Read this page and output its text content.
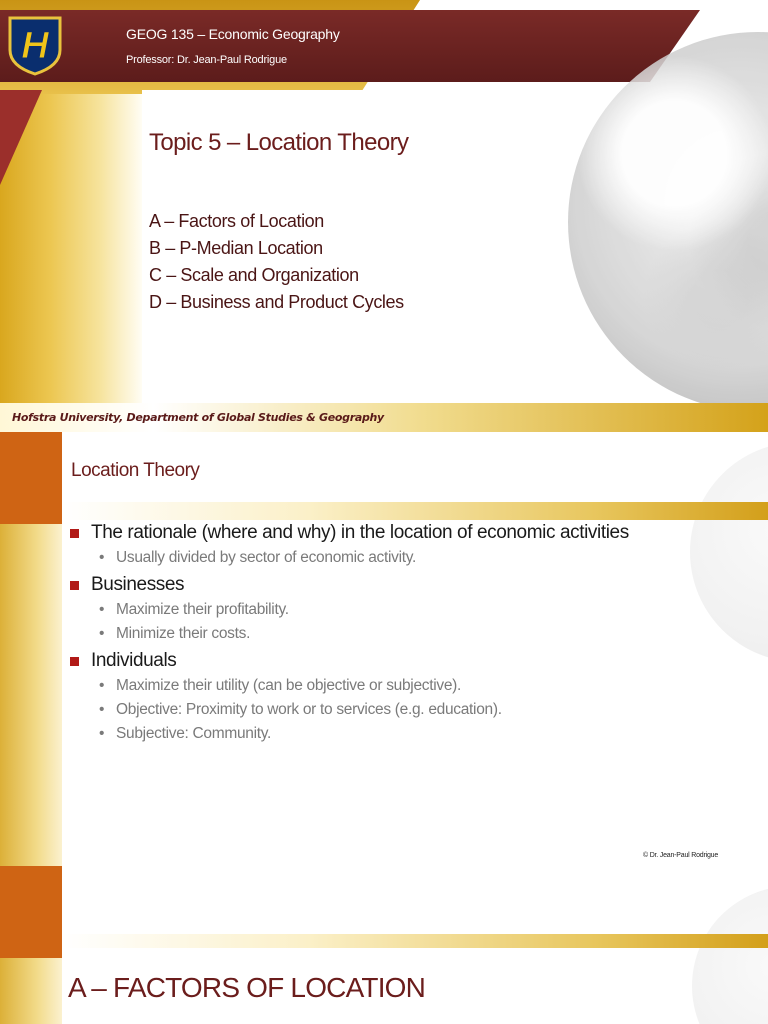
H	GEOG 135 – Economic Geography
Professor: Dr. Jean-Paul Rodrigue
Topic 5 – Location Theory
A – Factors of Location
B – P-Median Location
C – Scale and Organization
D – Business and Product Cycles
Hofstra University, Department of Global Studies & Geography
Location Theory
The rationale (where and why) in the location of economic activities
• Usually divided by sector of economic activity.
Businesses
• Maximize their profitability.
• Minimize their costs.
Individuals
• Maximize their utility (can be objective or subjective).
• Objective: Proximity to work or to services (e.g. education).
• Subjective: Community.
© Dr. Jean-Paul Rodrigue
A – FACTORS OF LOCATION
